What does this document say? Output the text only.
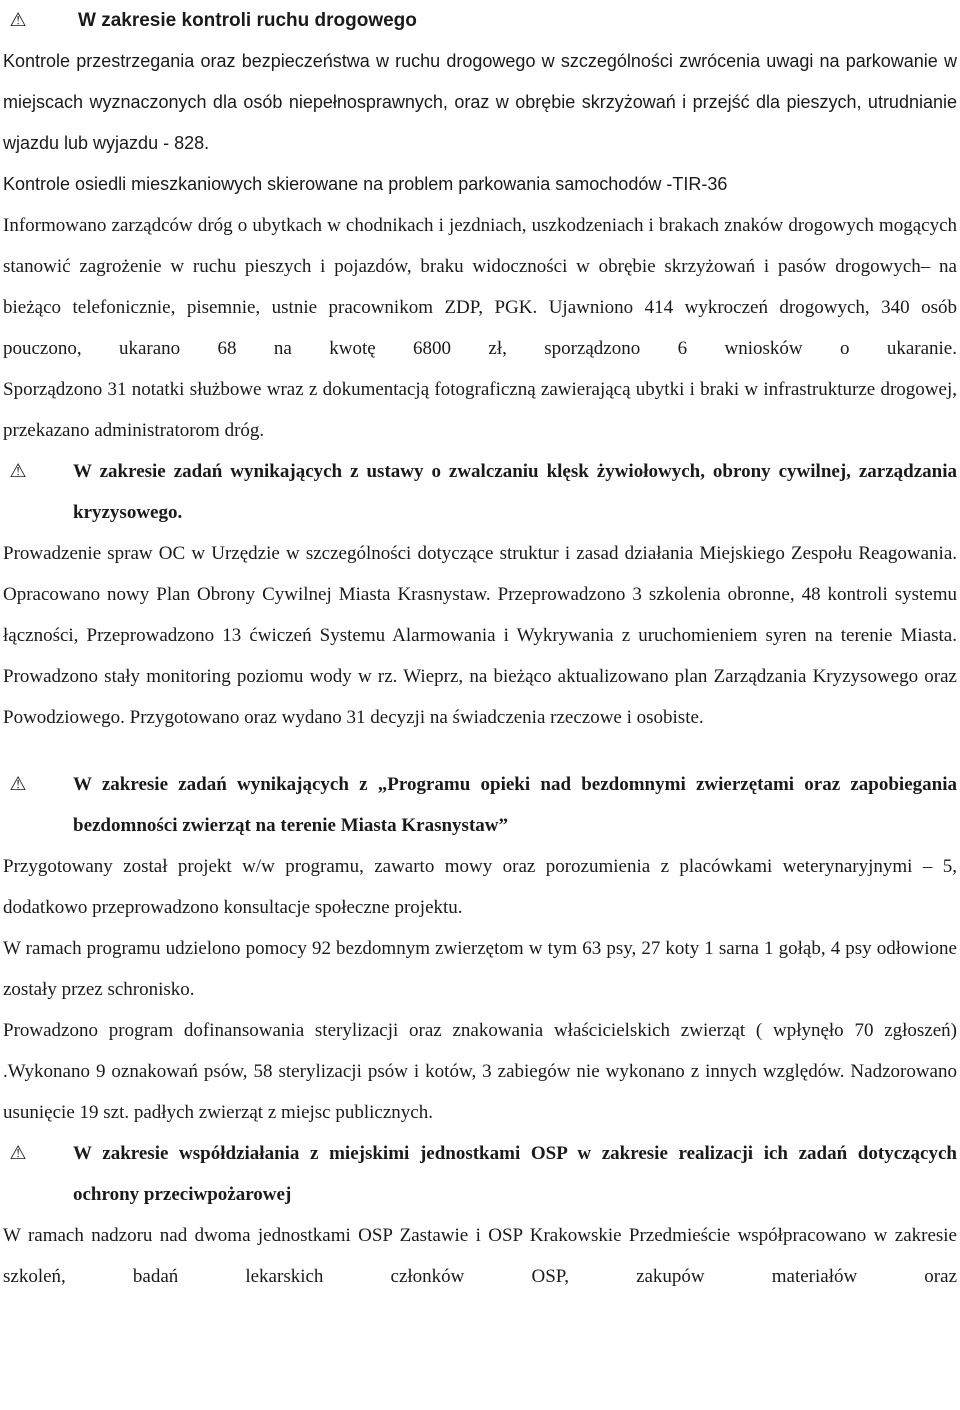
⚠	W zakresie kontroli ruchu drogowego

Kontrole przestrzegania oraz bezpieczeństwa w ruchu drogowego w szczególności zwrócenia uwagi na parkowanie w miejscach wyznaczonych dla osób niepełnosprawnych, oraz w obrębie skrzyżowań i przejść dla pieszych, utrudnianie wjazdu lub wyjazdu - 828.

Kontrole osiedli mieszkaniowych skierowane na problem parkowania samochodów -TIR-36

Informowano zarządców dróg o ubytkach w chodnikach i jezdniach, uszkodzeniach i brakach znaków drogowych mogących stanowić zagrożenie w ruchu pieszych i pojazdów, braku widoczności w obrębie skrzyżowań i pasów drogowych– na bieżąco telefonicznie, pisemnie, ustnie pracownikom ZDP, PGK. Ujawniono 414 wykroczeń drogowych, 340 osób pouczono, ukarano 68 na kwotę 6800 zł, sporządzono 6 wniosków o ukaranie.

Sporządzono 31 notatki służbowe wraz z dokumentacją fotograficzną zawierającą ubytki i braki w infrastrukturze drogowej, przekazano administratorom dróg.

⚠	W zakresie zadań wynikających z ustawy o zwalczaniu klęsk żywiołowych, obrony cywilnej, zarządzania kryzysowego.

Prowadzenie spraw OC w Urzędzie w szczególności dotyczące struktur i zasad działania Miejskiego Zespołu Reagowania. Opracowano nowy Plan Obrony Cywilnej Miasta Krasnystaw. Przeprowadzono 3 szkolenia obronne, 48 kontroli systemu łączności, Przeprowadzono 13 ćwiczeń Systemu Alarmowania i Wykrywania z uruchomieniem syren na terenie Miasta. Prowadzono stały monitoring poziomu wody w rz. Wieprz, na bieżąco aktualizowano plan Zarządzania Kryzysowego oraz Powodziowego. Przygotowano oraz wydano 31 decyzji na świadczenia rzeczowe i osobiste.

⚠	W zakresie zadań wynikających z „Programu opieki nad bezdomnymi zwierzętami oraz zapobiegania bezdomności zwierząt na terenie Miasta Krasnystaw”

Przygotowany został projekt w/w programu, zawarto mowy oraz porozumienia z placówkami weterynaryjnymi – 5, dodatkowo przeprowadzono konsultacje społeczne projektu.

W ramach programu udzielono pomocy 92 bezdomnym zwierzętom w tym 63 psy, 27 koty 1 sarna 1 gołąb, 4 psy odłowione zostały przez schronisko.

Prowadzono program dofinansowania sterylizacji oraz znakowania właścicielskich zwierząt ( wpłynęło 70 zgłoszeń) .Wykonano 9 oznakowań psów, 58 sterylizacji psów i kotów, 3 zabiegów nie wykonano z innych względów. Nadzorowano usunięcie 19 szt. padłych zwierząt z miejsc publicznych.

⚠	W zakresie współdziałania z miejskimi jednostkami OSP w zakresie realizacji ich zadań dotyczących ochrony przeciwpożarowej

W ramach nadzoru nad dwoma jednostkami OSP Zastawie i OSP Krakowskie Przedmieście współpracowano w zakresie szkoleń, badań lekarskich członków OSP, zakupów materiałów oraz
